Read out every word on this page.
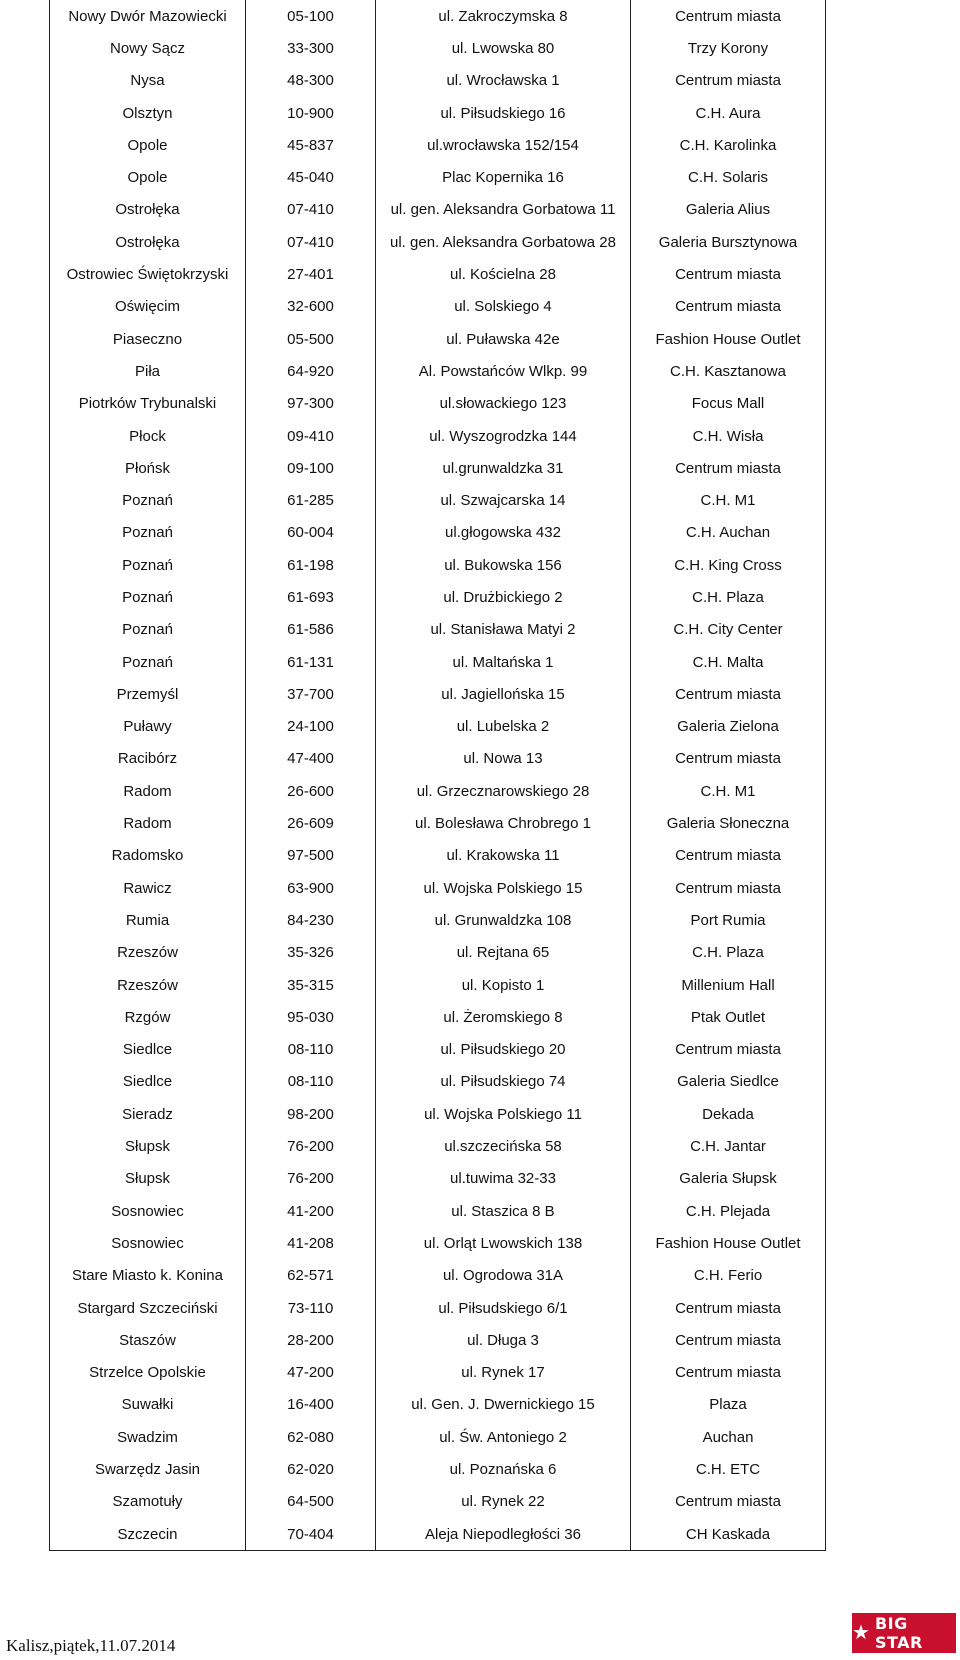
Nowy Dwór Mazowiecki	05-100	ul. Zakroczymska 8	Centrum miasta
Nowy Sącz	33-300	ul. Lwowska 80	Trzy Korony
Nysa	48-300	ul. Wrocławska 1	Centrum miasta
Olsztyn	10-900	ul. Piłsudskiego 16	C.H. Aura
Opole	45-837	ul.wrocławska 152/154	C.H. Karolinka
Opole	45-040	Plac Kopernika 16	C.H. Solaris
Ostrołęka	07-410	ul. gen. Aleksandra Gorbatowa 11	Galeria Alius
Ostrołęka	07-410	ul. gen. Aleksandra Gorbatowa 28	Galeria Bursztynowa
Ostrowiec Świętokrzyski	27-401	ul. Kościelna 28	Centrum miasta
Oświęcim	32-600	ul. Solskiego 4	Centrum miasta
Piaseczno	05-500	ul. Puławska 42e	Fashion House Outlet
Piła	64-920	Al. Powstańców Wlkp. 99	C.H. Kasztanowa
Piotrków Trybunalski	97-300	ul.słowackiego 123	Focus Mall
Płock	09-410	ul. Wyszogrodzka 144	C.H. Wisła
Płońsk	09-100	ul.grunwaldzka 31	Centrum miasta
Poznań	61-285	ul. Szwajcarska 14	C.H. M1
Poznań	60-004	ul.głogowska 432	C.H. Auchan
Poznań	61-198	ul. Bukowska 156	C.H. King Cross
Poznań	61-693	ul. Drużbickiego 2	C.H. Plaza
Poznań	61-586	ul. Stanisława Matyi 2	C.H. City Center
Poznań	61-131	ul. Maltańska 1	C.H. Malta
Przemyśl	37-700	ul. Jagiellońska 15	Centrum miasta
Puławy	24-100	ul. Lubelska 2	Galeria Zielona
Racibórz	47-400	ul. Nowa 13	Centrum miasta
Radom	26-600	ul. Grzecznarowskiego 28	C.H. M1
Radom	26-609	ul. Bolesława Chrobrego 1	Galeria Słoneczna
Radomsko	97-500	ul. Krakowska 11	Centrum miasta
Rawicz	63-900	ul. Wojska Polskiego 15	Centrum miasta
Rumia	84-230	ul. Grunwaldzka 108	Port Rumia
Rzeszów	35-326	ul. Rejtana 65	C.H. Plaza
Rzeszów	35-315	ul. Kopisto 1	Millenium Hall
Rzgów	95-030	ul. Żeromskiego 8	Ptak Outlet
Siedlce	08-110	ul. Piłsudskiego 20	Centrum miasta
Siedlce	08-110	ul. Piłsudskiego 74	Galeria Siedlce
Sieradz	98-200	ul. Wojska Polskiego 11	Dekada
Słupsk	76-200	ul.szczecińska 58	C.H. Jantar
Słupsk	76-200	ul.tuwima 32-33	Galeria Słupsk
Sosnowiec	41-200	ul. Staszica 8 B	C.H. Plejada
Sosnowiec	41-208	ul. Orląt Lwowskich 138	Fashion House Outlet
Stare Miasto k. Konina	62-571	ul. Ogrodowa 31A	C.H. Ferio
Stargard Szczeciński	73-110	ul. Piłsudskiego 6/1	Centrum miasta
Staszów	28-200	ul. Długa 3	Centrum miasta
Strzelce Opolskie	47-200	ul. Rynek 17	Centrum miasta
Suwałki	16-400	ul. Gen. J. Dwernickiego 15	Plaza
Swadzim	62-080	ul. Św. Antoniego 2	Auchan
Swarzędz Jasin	62-020	ul. Poznańska 6	C.H. ETC
Szamotuły	64-500	ul. Rynek 22	Centrum miasta
Szczecin	70-404	Aleja Niepodległości 36	CH Kaskada
Kalisz,piątek,11.07.2014
★ BIG STAR
